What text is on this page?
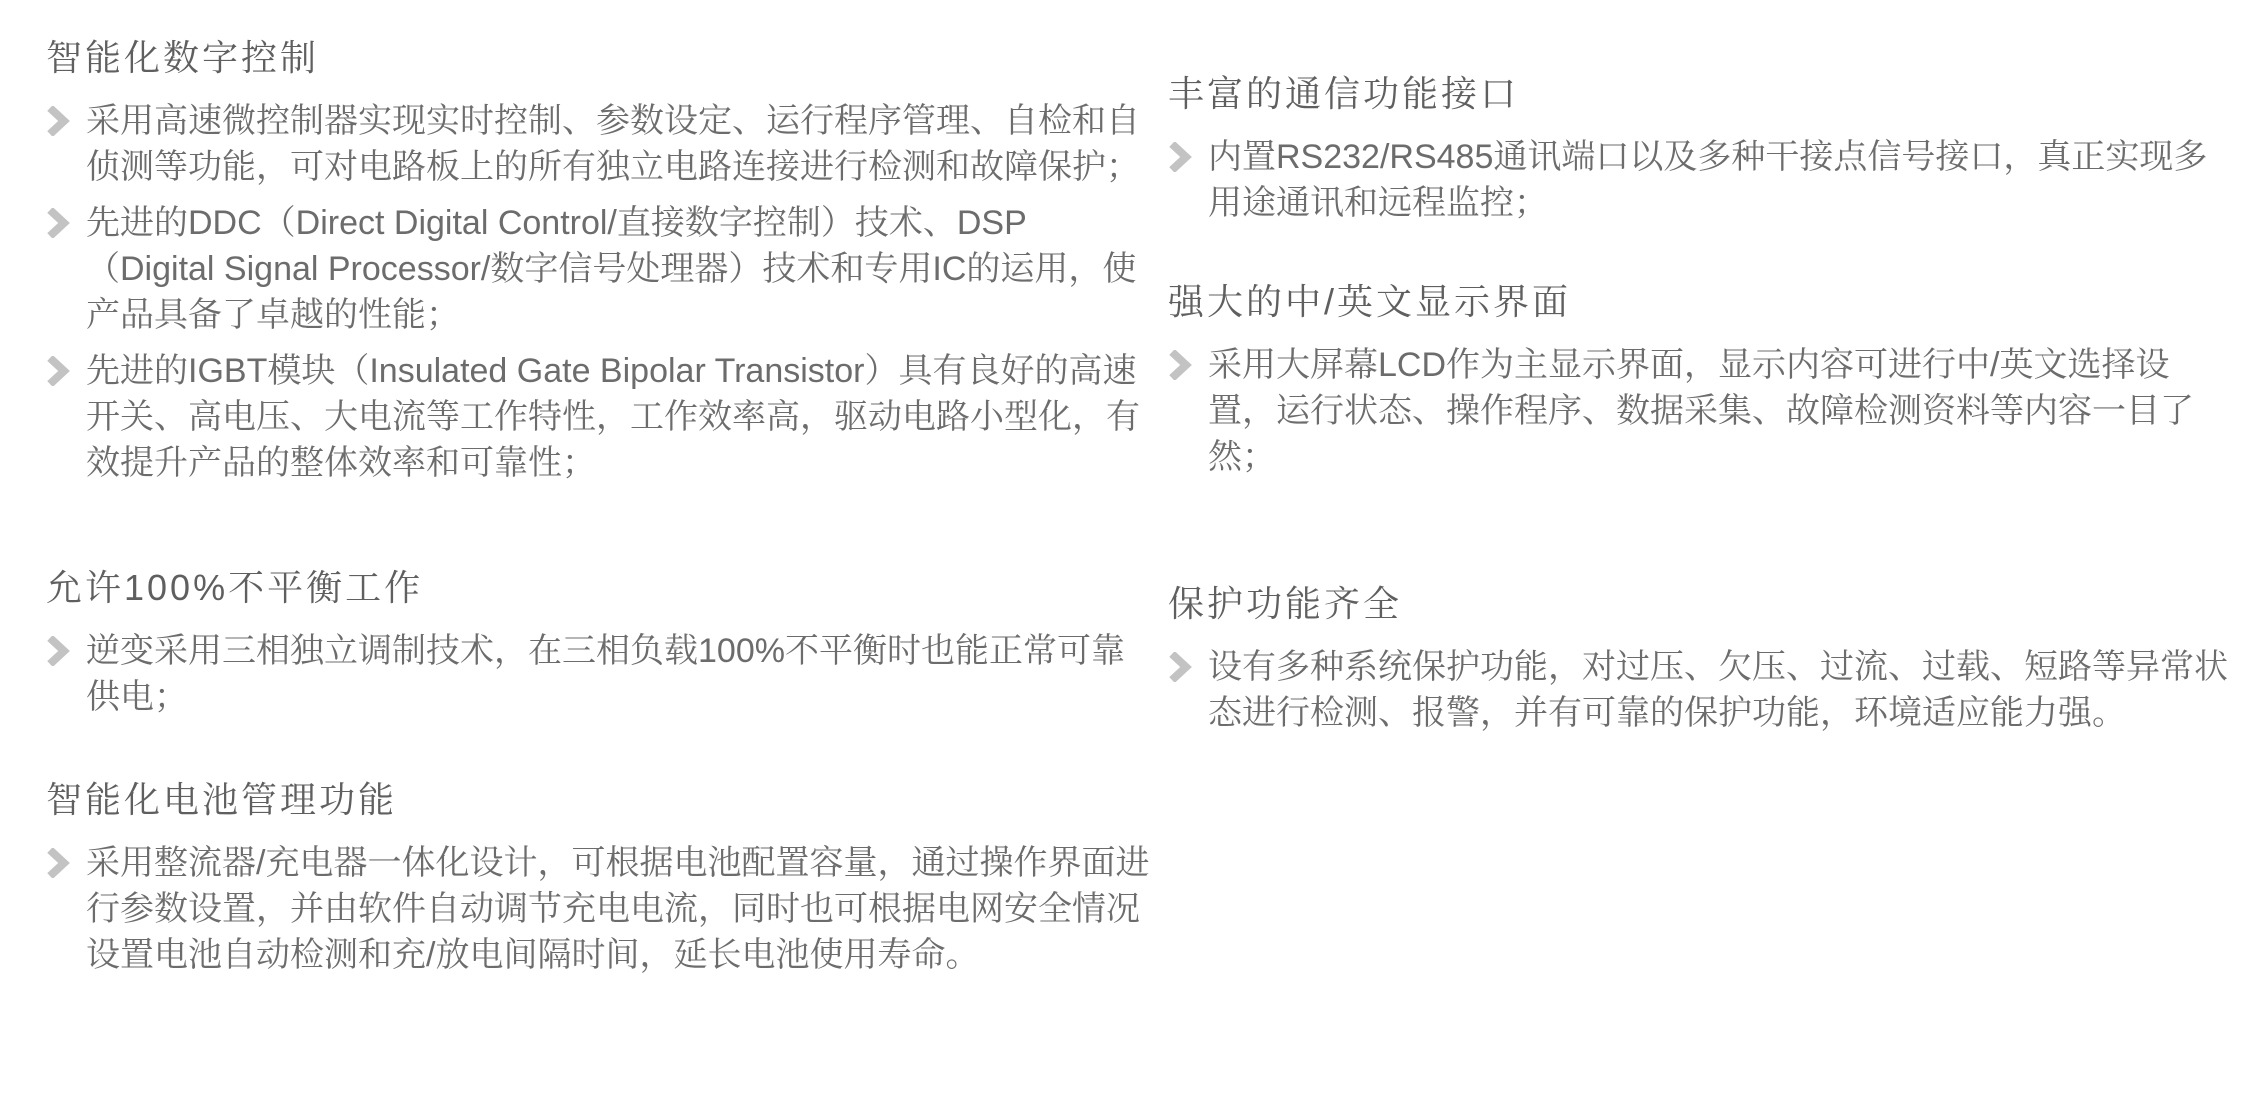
智能化数字控制

采用高速微控制器实现实时控制、参数设定、运行程序管理、自检和自侦测等功能，可对电路板上的所有独立电路连接进行检测和故障保护；

先进的DDC（Direct Digital Control/直接数字控制）技术、DSP（Digital Signal Processor/数字信号处理器）技术和专用IC的运用，使产品具备了卓越的性能；

先进的IGBT模块（Insulated Gate Bipolar Transistor）具有良好的高速开关、高电压、大电流等工作特性，工作效率高，驱动电路小型化，有效提升产品的整体效率和可靠性；

允许100%不平衡工作

逆变采用三相独立调制技术，在三相负载100%不平衡时也能正常可靠供电；

智能化电池管理功能

采用整流器/充电器一体化设计，可根据电池配置容量，通过操作界面进行参数设置，并由软件自动调节充电电流，同时也可根据电网安全情况设置电池自动检测和充/放电间隔时间，延长电池使用寿命。

丰富的通信功能接口

内置RS232/RS485通讯端口以及多种干接点信号接口，真正实现多用途通讯和远程监控；

强大的中/英文显示界面

采用大屏幕LCD作为主显示界面，显示内容可进行中/英文选择设置，运行状态、操作程序、数据采集、故障检测资料等内容一目了然；

保护功能齐全

设有多种系统保护功能，对过压、欠压、过流、过载、短路等异常状态进行检测、报警，并有可靠的保护功能，环境适应能力强。
